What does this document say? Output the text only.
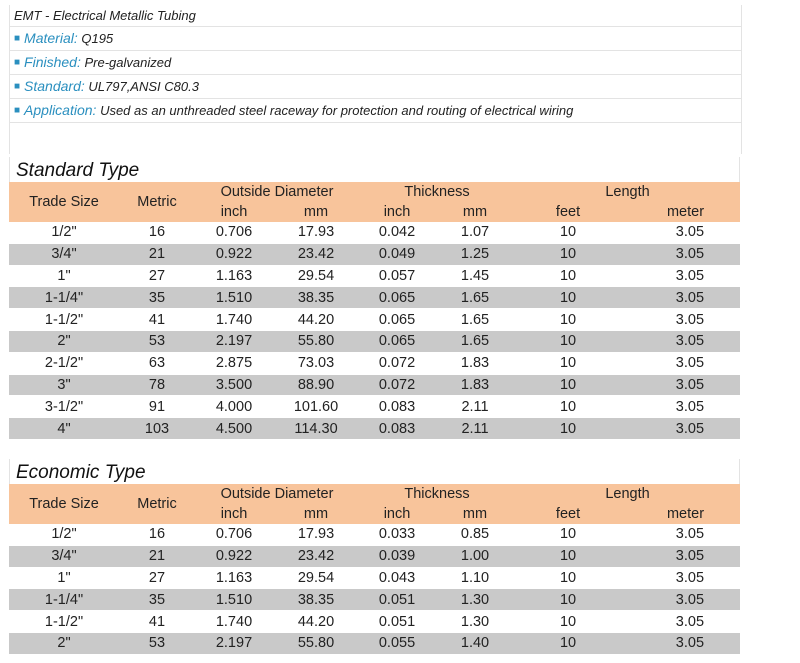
EMT - Electrical Metallic Tubing
■ Material: Q195
■ Finished: Pre-galvanized
■ Standard: UL797,ANSI C80.3
■ Application: Used as an unthreaded steel raceway for protection and routing of electrical wiring
Standard Type
Trade Size	Metric	Outside Diameter		Thickness		Length	
		inch	mm	inch	mm	feet	meter
1/2"	16	0.706	17.93	0.042	1.07	10	3.05
3/4"	21	0.922	23.42	0.049	1.25	10	3.05
1"	27	1.163	29.54	0.057	1.45	10	3.05
1-1/4"	35	1.510	38.35	0.065	1.65	10	3.05
1-1/2"	41	1.740	44.20	0.065	1.65	10	3.05
2"	53	2.197	55.80	0.065	1.65	10	3.05
2-1/2"	63	2.875	73.03	0.072	1.83	10	3.05
3"	78	3.500	88.90	0.072	1.83	10	3.05
3-1/2"	91	4.000	101.60	0.083	2.11	10	3.05
4"	103	4.500	114.30	0.083	2.11	10	3.05
Economic Type
Trade Size	Metric	Outside Diameter		Thickness		Length	
		inch	mm	inch	mm	feet	meter
1/2"	16	0.706	17.93	0.033	0.85	10	3.05
3/4"	21	0.922	23.42	0.039	1.00	10	3.05
1"	27	1.163	29.54	0.043	1.10	10	3.05
1-1/4"	35	1.510	38.35	0.051	1.30	10	3.05
1-1/2"	41	1.740	44.20	0.051	1.30	10	3.05
2"	53	2.197	55.80	0.055	1.40	10	3.05
